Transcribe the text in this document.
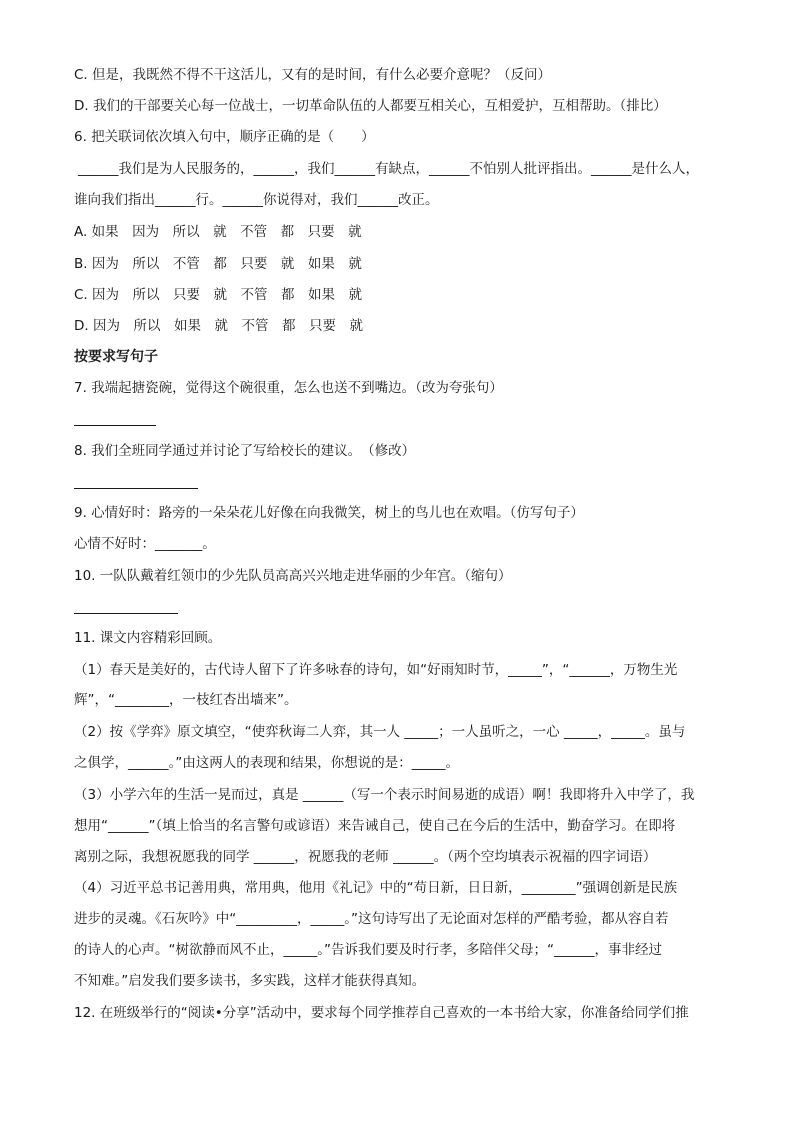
C. 但是，我既然不得不干这活儿，又有的是时间，有什么必要介意呢？（反问）
D. 我们的干部要关心每一位战士，一切革命队伍的人都要互相关心，互相爱护，互相帮助。（排比）
6. 把关联词依次填入句中，顺序正确的是（　　）
______我们是为人民服务的，______，我们______有缺点，______不怕别人批评指出。______是什么人，
谁向我们指出______行。______你说得对，我们______改正。
A. 如果　因为　所以　就　不管　都　只要　就
B. 因为　所以　不管　都　只要　就　如果　就
C. 因为　所以　只要　就　不管　都　如果　就
D. 因为　所以　如果　就　不管　都　只要　就
按要求写句子
7. 我端起搪瓷碗，觉得这个碗很重，怎么也送不到嘴边。（改为夸张句）
8. 我们全班同学通过并讨论了写给校长的建议。　（修改）
9. 心情好时：路旁的一朵朵花儿好像在向我微笑，树上的鸟儿也在欢唱。（仿写句子）
心情不好时：_______。
10. 一队队戴着红领巾的少先队员高高兴兴地走进华丽的少年宫。（缩句）
11. 课文内容精彩回顾。
（1）春天是美好的，古代诗人留下了许多咏春的诗句，如“好雨知时节，_____”，“______，万物生光
辉”，“________，一枝红杏出墙来”。
（2）按《学弈》原文填空，“使弈秋诲二人弈，其一人 _____；一人虽听之，一心 _____，_____。虽与
之俱学，______。”由这两人的表现和结果，你想说的是：_____。
（3）小学六年的生活一晃而过，真是 ______（写一个表示时间易逝的成语）啊！我即将升入中学了，我
想用“______”（填上恰当的名言警句或谚语）来告诫自己，使自己在今后的生活中，勤奋学习。在即将
离别之际，我想祝愿我的同学 ______，祝愿我的老师 ______。（两个空均填表示祝福的四字词语）
（4）习近平总书记善用典，常用典，他用《礼记》中的“苟日新，日日新，________”强调创新是民族
进步的灵魂。《石灰吟》中“_________，_____。”这句诗写出了无论面对怎样的严酷考验，都从容自若
的诗人的心声。“树欲静而风不止，_____。”告诉我们要及时行孝，多陪伴父母；“______，事非经过
不知难。”启发我们要多读书，多实践，这样才能获得真知。
12. 在班级举行的“阅读•分享”活动中，要求每个同学推荐自己喜欢的一本书给大家，你准备给同学们推
